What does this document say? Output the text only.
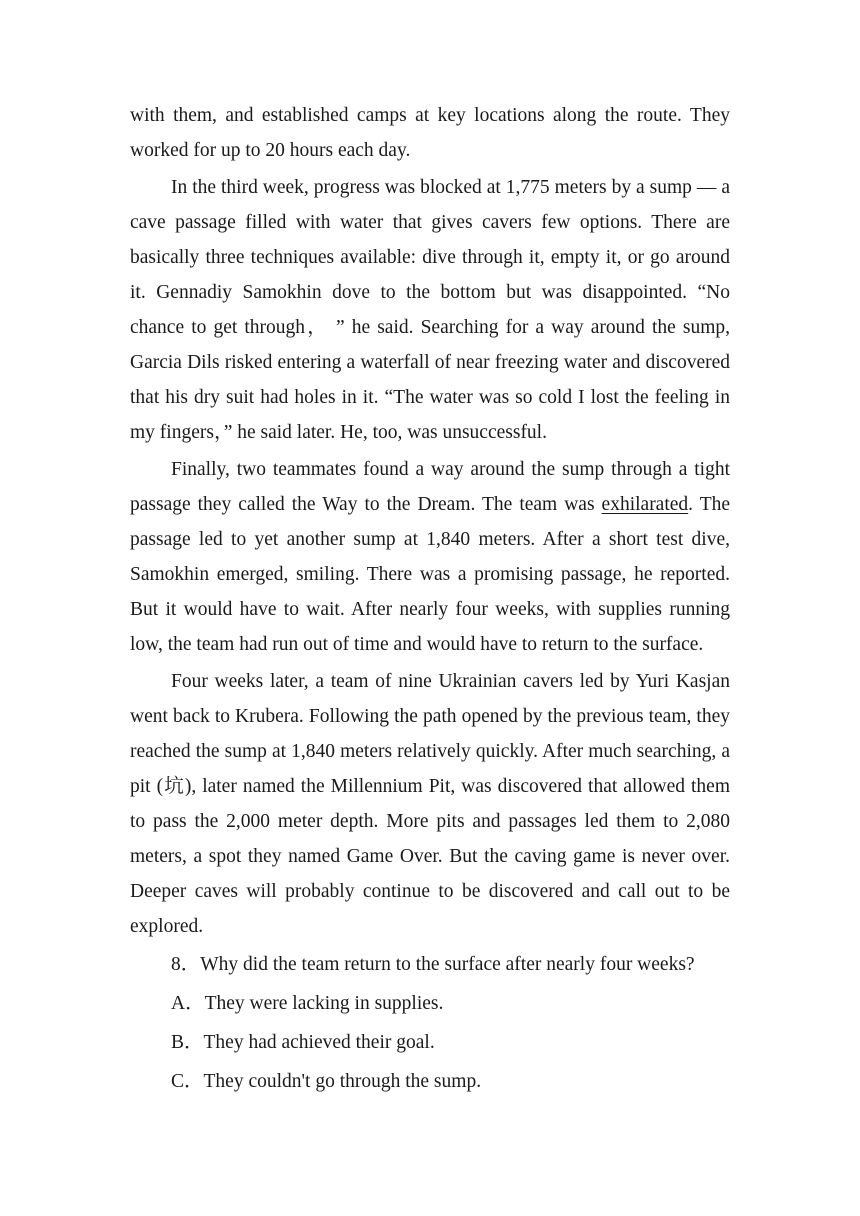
with them, and established camps at key locations along the route. They worked for up to 20 hours each day.

In the third week, progress was blocked at 1,775 meters by a sump — a cave passage filled with water that gives cavers few options. There are basically three techniques available: dive through it, empty it, or go around it. Gennadiy Samokhin dove to the bottom but was disappointed. “No chance to get through， ” he said. Searching for a way around the sump, Garcia Dils risked entering a waterfall of near freezing water and discovered that his dry suit had holes in it. “The water was so cold I lost the feeling in my fingers，” he said later. He, too, was unsuccessful.

Finally, two teammates found a way around the sump through a tight passage they called the Way to the Dream. The team was exhilarated. The passage led to yet another sump at 1,840 meters. After a short test dive, Samokhin emerged, smiling. There was a promising passage, he reported. But it would have to wait. After nearly four weeks, with supplies running low, the team had run out of time and would have to return to the surface.

Four weeks later, a team of nine Ukrainian cavers led by Yuri Kasjan went back to Krubera. Following the path opened by the previous team, they reached the sump at 1,840 meters relatively quickly. After much searching, a pit (坑), later named the Millennium Pit, was discovered that allowed them to pass the 2,000 meter depth. More pits and passages led them to 2,080 meters, a spot they named Game Over. But the caving game is never over. Deeper caves will probably continue to be discovered and call out to be explored.

8．Why did the team return to the surface after nearly four weeks?

A．They were lacking in supplies.

B．They had achieved their goal.

C．They couldn't go through the sump.
